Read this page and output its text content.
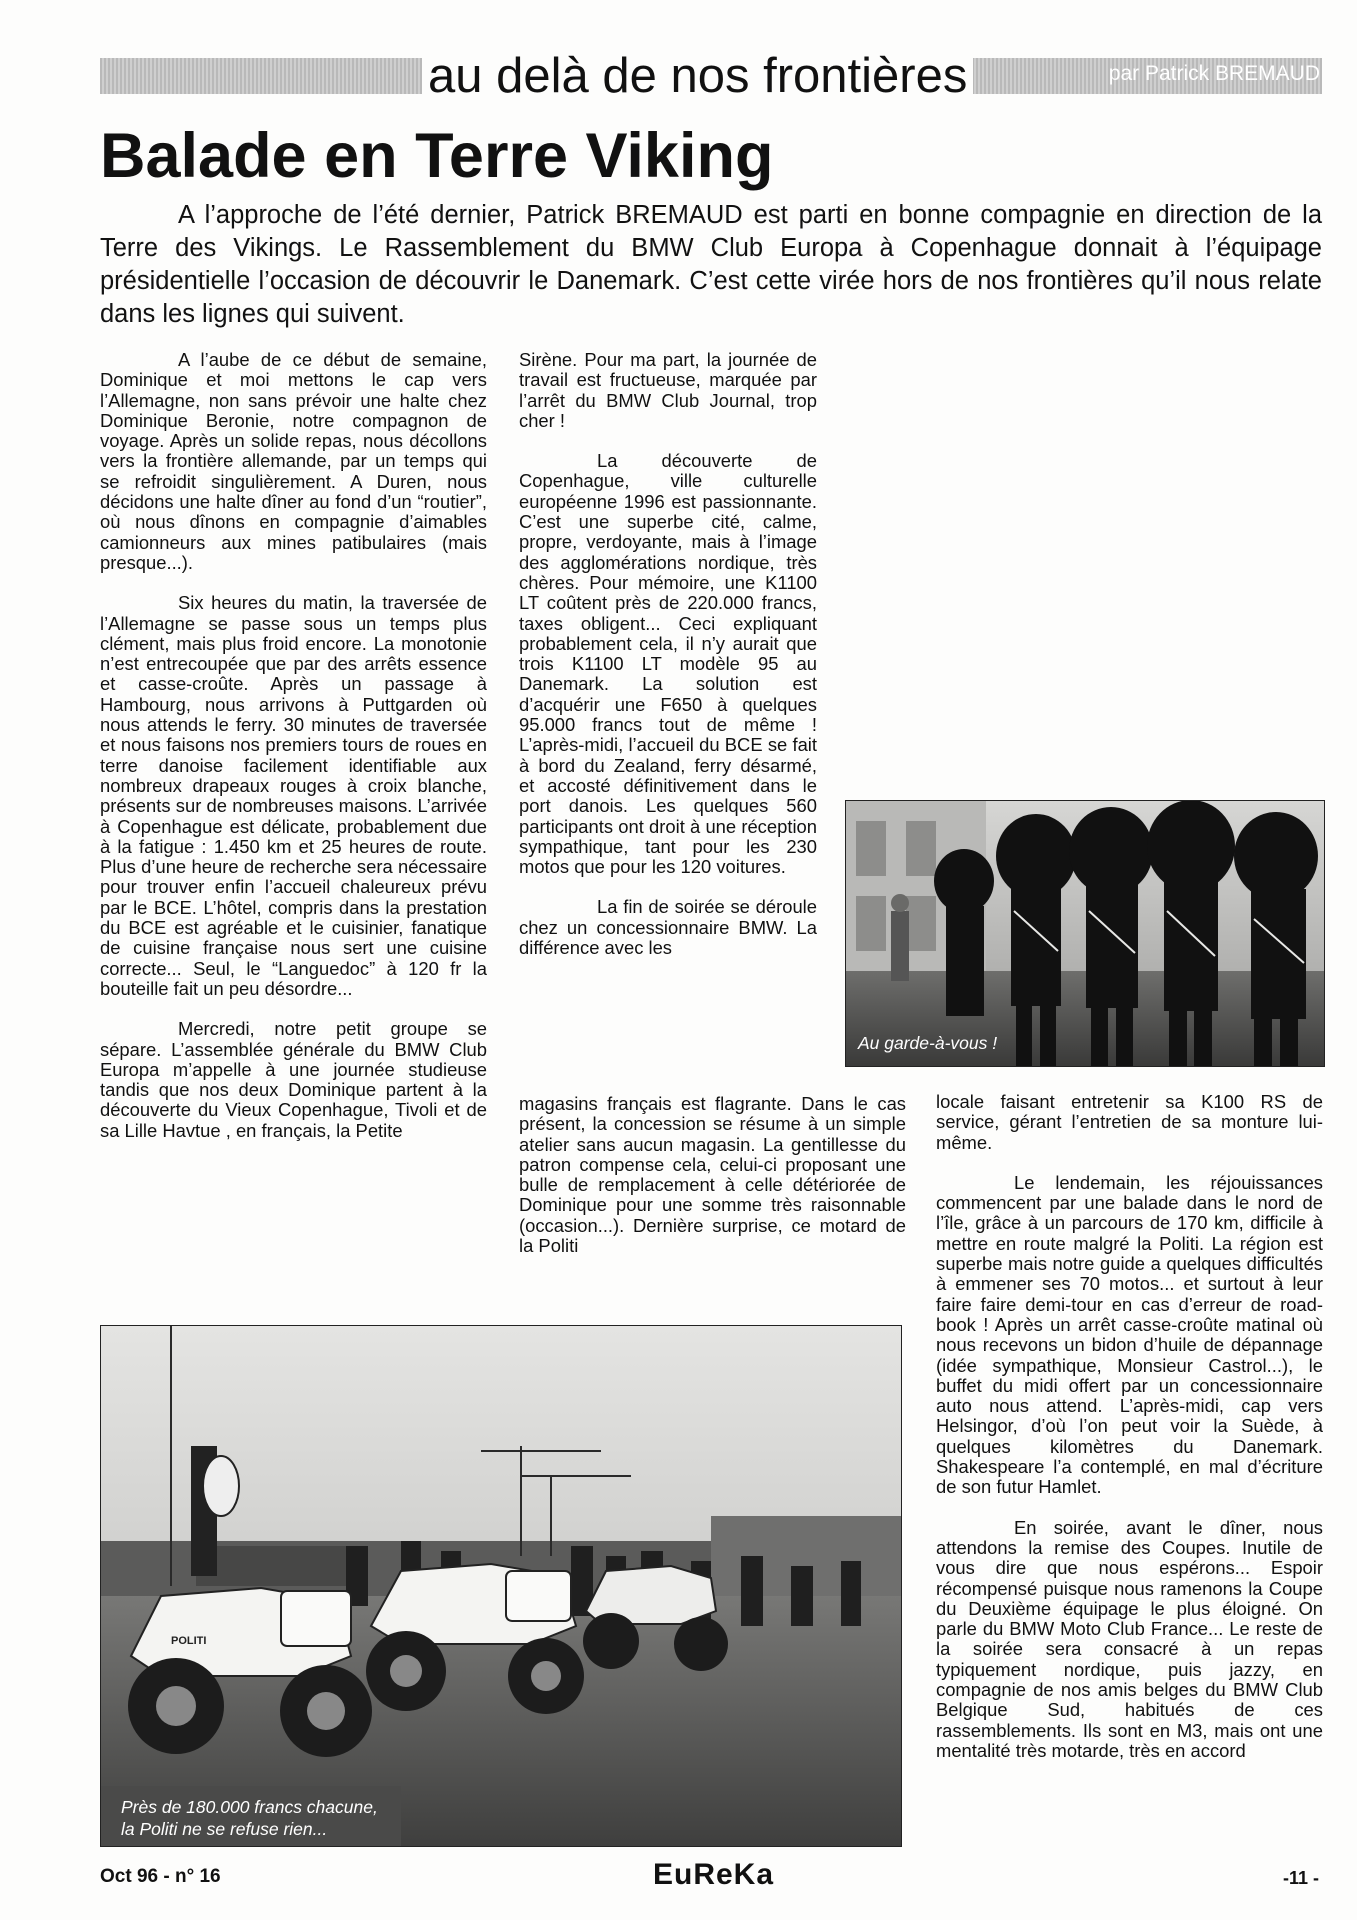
au delà de nos frontières	par Patrick BREMAUD
Balade en Terre Viking

A l’approche de l’été dernier, Patrick BREMAUD est parti en bonne compagnie en direction de la Terre des Vikings. Le Rassemblement du BMW Club Europa à Copenhague donnait à l’équipage présidentielle l’occasion de découvrir le Danemark. C’est cette virée hors de nos frontières qu’il nous relate dans les lignes qui suivent.

A l’aube de ce début de semaine, Dominique et moi mettons le cap vers l’Allemagne, non sans prévoir une halte chez Dominique Beronie, notre compagnon de voyage. Après un solide repas, nous décollons vers la frontière allemande, par un temps qui se refroidit singulièrement. A Duren, nous décidons une halte dîner au fond d’un “routier”, où nous dînons en compagnie d’aimables camionneurs aux mines patibulaires (mais presque...).

Six heures du matin, la traversée de l’Allemagne se passe sous un temps plus clément, mais plus froid encore. La monotonie n’est entrecoupée que par des arrêts essence et casse-croûte. Après un passage à Hambourg, nous arrivons à Puttgarden où nous attends le ferry. 30 minutes de traversée et nous faisons nos premiers tours de roues en terre danoise facilement identifiable aux nombreux drapeaux rouges à croix blanche, présents sur de nombreuses maisons. L’arrivée à Copenhague est délicate, probablement due à la fatigue : 1.450 km et 25 heures de route. Plus d’une heure de recherche sera nécessaire pour trouver enfin l’accueil chaleureux prévu par le BCE. L’hôtel, compris dans la prestation du BCE est agréable et le cuisinier, fanatique de cuisine française nous sert une cuisine correcte... Seul, le “Languedoc” à 120 fr la bouteille fait un peu désordre...

Mercredi, notre petit groupe se sépare. L’assemblée générale du BMW Club Europa m’appelle à une journée studieuse tandis que nos deux Dominique partent à la découverte du Vieux Copenhague, Tivoli et de sa Lille Havtue , en français, la Petite

Sirène. Pour ma part, la journée de travail est fructueuse, marquée par l’arrêt du BMW Club Journal, trop cher !

La découverte de Copenhague, ville culturelle européenne 1996 est passionnante. C’est une superbe cité, calme, propre, verdoyante, mais à l’image des agglomérations nordique, très chères. Pour mémoire, une K1100 LT coûtent près de 220.000 francs, taxes obligent... Ceci expliquant probablement cela, il n’y aurait que trois K1100 LT modèle 95 au Danemark. La solution est d’acquérir une F650 à quelques 95.000 francs tout de même ! L’après-midi, l’accueil du BCE se fait à bord du Zealand, ferry désarmé, et accosté définitivement dans le port danois. Les quelques 560 participants ont droit à une réception sympathique, tant pour les 230 motos que pour les 120 voitures.

La fin de soirée se déroule chez un concessionnaire BMW. La différence avec les

magasins français est flagrante. Dans le cas présent, la concession se résume à un simple atelier sans aucun magasin. La gentillesse du patron compense cela, celui-ci proposant une bulle de remplacement à celle détériorée de Dominique pour une somme très raisonnable (occasion...). Dernière surprise, ce motard de la Politi

locale faisant entretenir sa K100 RS de service, gérant l’entretien de sa monture lui-même.

Le lendemain, les réjouissances commencent par une balade dans le nord de l’île, grâce à un parcours de 170 km, difficile à mettre en route malgré la Politi. La région est superbe mais notre guide a quelques difficultés à emmener ses 70 motos... et surtout à leur faire faire demi-tour en cas d’erreur de road-book ! Après un arrêt casse-croûte matinal où nous recevons un bidon d’huile de dépannage (idée sympathique, Monsieur Castrol...), le buffet du midi offert par un concessionnaire auto nous attend. L’après-midi, cap vers Helsingor, d’où l’on peut voir la Suède, à quelques kilomètres du Danemark. Shakespeare l’a contemplé, en mal d’écriture de son futur Hamlet.

En soirée, avant le dîner, nous attendons la remise des Coupes. Inutile de vous dire que nous espérons... Espoir récompensé puisque nous ramenons la Coupe du Deuxième équipage le plus éloigné. On parle du BMW Moto Club France... Le reste de la soirée sera consacré à un repas typiquement nordique, puis jazzy, en compagnie de nos amis belges du BMW Club Belgique Sud, habitués de ces rassemblements. Ils sont en M3, mais ont une mentalité très motarde, très en accord

Au garde-à-vous !
POLITI
Près de 180.000 francs chacune,
la Politi ne se refuse rien...
Oct 96 - n° 16	EuReKa	-11 -
